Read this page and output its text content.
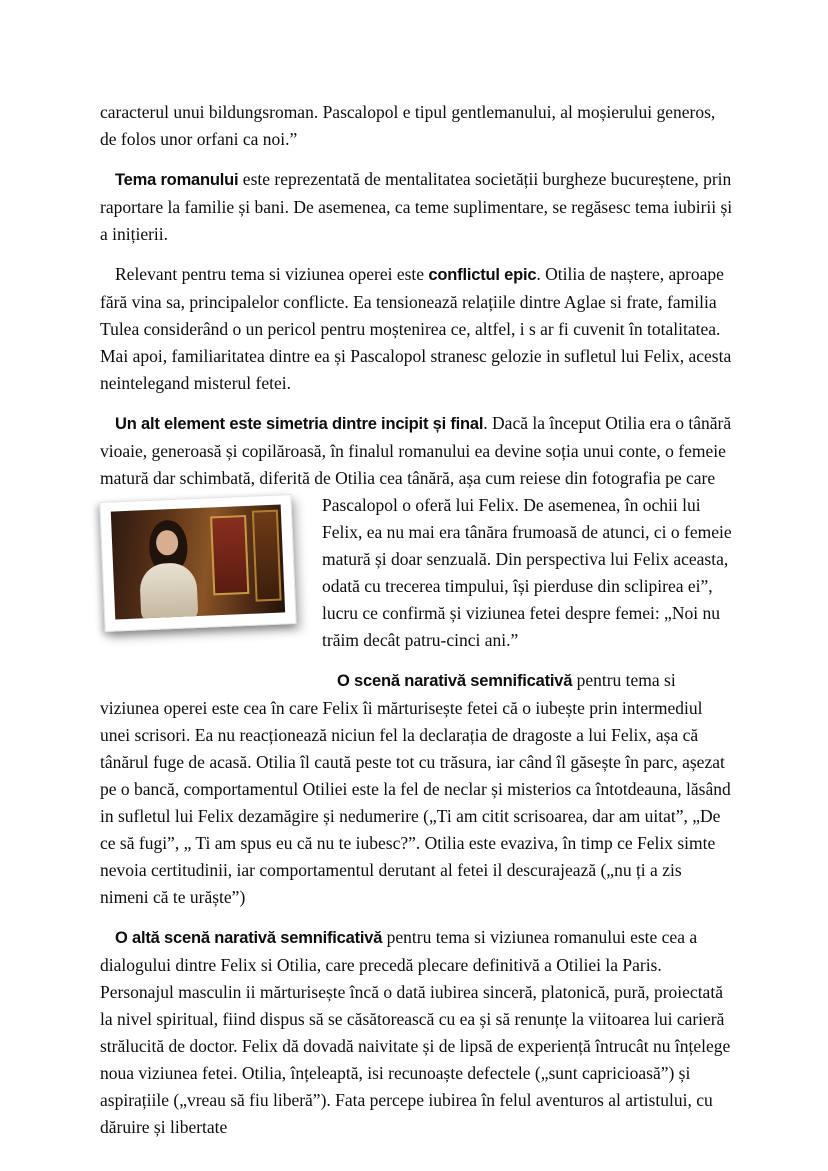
caracterul unui bildungsroman. Pascalopol e tipul gentlemanului, al moșierului generos, de folos unor orfani ca noi.”

Tema romanului este reprezentată de mentalitatea societății burgheze bucureștene, prin raportare la familie și bani. De asemenea, ca teme suplimentare, se regăsesc tema iubirii și a inițierii.

Relevant pentru tema si viziunea operei este conflictul epic. Otilia de naștere, aproape fără vina sa, principalelor conflicte. Ea tensionează relațiile dintre Aglae si frate, familia Tulea considerând o un pericol pentru moștenirea ce, altfel, i s ar fi cuvenit în totalitatea. Mai apoi, familiaritatea dintre ea și Pascalopol stranesc gelozie in sufletul lui Felix, acesta neintelegand misterul fetei.

Un alt element este simetria dintre incipit și final. Dacă la început Otilia era o tânără vioaie, generoasă și copilăroasă, în finalul romanului ea devine soția unui conte, o femeie matură dar schimbată, diferită de Otilia cea tânără, așa cum reiese din fotografia pe care Pascalopol o oferă lui Felix. De asemenea, în ochii
lui Felix, ea nu mai era tânăra frumoasă de atunci, ci o femeie matură și doar senzuală. Din perspectiva lui Felix aceasta, odată cu trecerea timpului, își pierduse din sclipirea ei”, lucru ce confirmă și viziunea fetei despre femei: „Noi nu trăim decât patru-cinci ani.”

O scenă narativă semnificativă pentru tema si viziunea operei este cea în care Felix îi mărturisește fetei că o iubește prin intermediul unei scrisori. Ea nu reacționează niciun fel la declarația de dragoste a lui Felix, așa că tânărul fuge de acasă. Otilia îl caută peste tot cu trăsura, iar când îl găsește în parc, așezat pe o bancă, comportamentul Otiliei este la fel de neclar și misterios ca întotdeauna, lăsând in sufletul lui Felix dezamăgire și nedumerire („Ti am citit scrisoarea, dar am uitat”, „De ce să fugi”, „ Ti am spus eu că nu te iubesc?”. Otilia este evaziva, în timp ce Felix simte nevoia certitudinii, iar comportamentul derutant al fetei il descurajează („nu ți a zis nimeni că te urăște”)

O altă scenă narativă semnificativă pentru tema si viziunea romanului este cea a dialogului dintre Felix si Otilia, care precedă plecare definitivă a Otiliei la Paris. Personajul masculin ii mărturisește încă o dată iubirea sinceră, platonică, pură, proiectată la nivel spiritual, fiind dispus să se căsătorească cu ea și să renunțe la viitoarea lui carieră strălucită de doctor. Felix dă dovadă naivitate și de lipsă de experiență întrucât nu înțelege noua viziunea fetei. Otilia, înțeleaptă, isi recunoaște defectele („sunt capricioasă”) și aspirațiile („vreau să fiu liberă”). Fata percepe iubirea în felul aventuros al artistului, cu dăruire și libertate
